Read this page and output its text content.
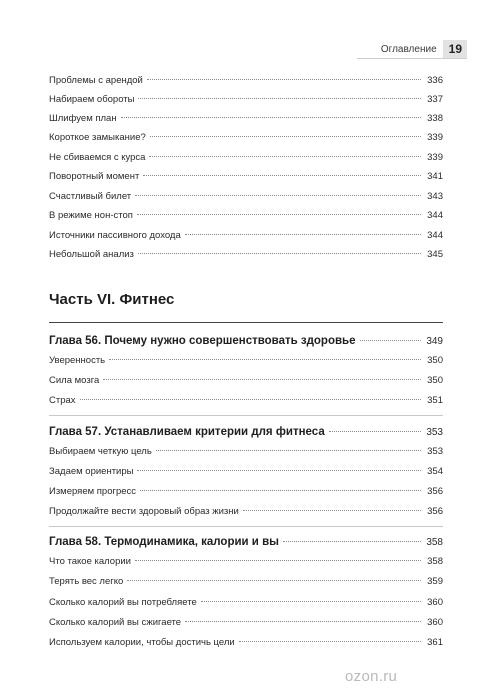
Оглавление	19
Проблемы с арендой	336
Набираем обороты	337
Шлифуем план	338
Короткое замыкание?	339
Не сбиваемся с курса	339
Поворотный момент	341
Счастливый билет	343
В режиме нон-стоп	344
Источники пассивного дохода	344
Небольшой анализ	345
Часть VI. Фитнес
Глава 56. Почему нужно совершенствовать здоровье	349
Уверенность	350
Сила мозга	350
Страх	351
Глава 57. Устанавливаем критерии для фитнеса	353
Выбираем четкую цель	353
Задаем ориентиры	354
Измеряем прогресс	356
Продолжайте вести здоровый образ жизни	356
Глава 58. Термодинамика, калории и вы	358
Что такое калории	358
Терять вес легко	359
Сколько калорий вы потребляете	360
Сколько калорий вы сжигаете	360
Используем калории, чтобы достичь цели	361
ozon.ru
